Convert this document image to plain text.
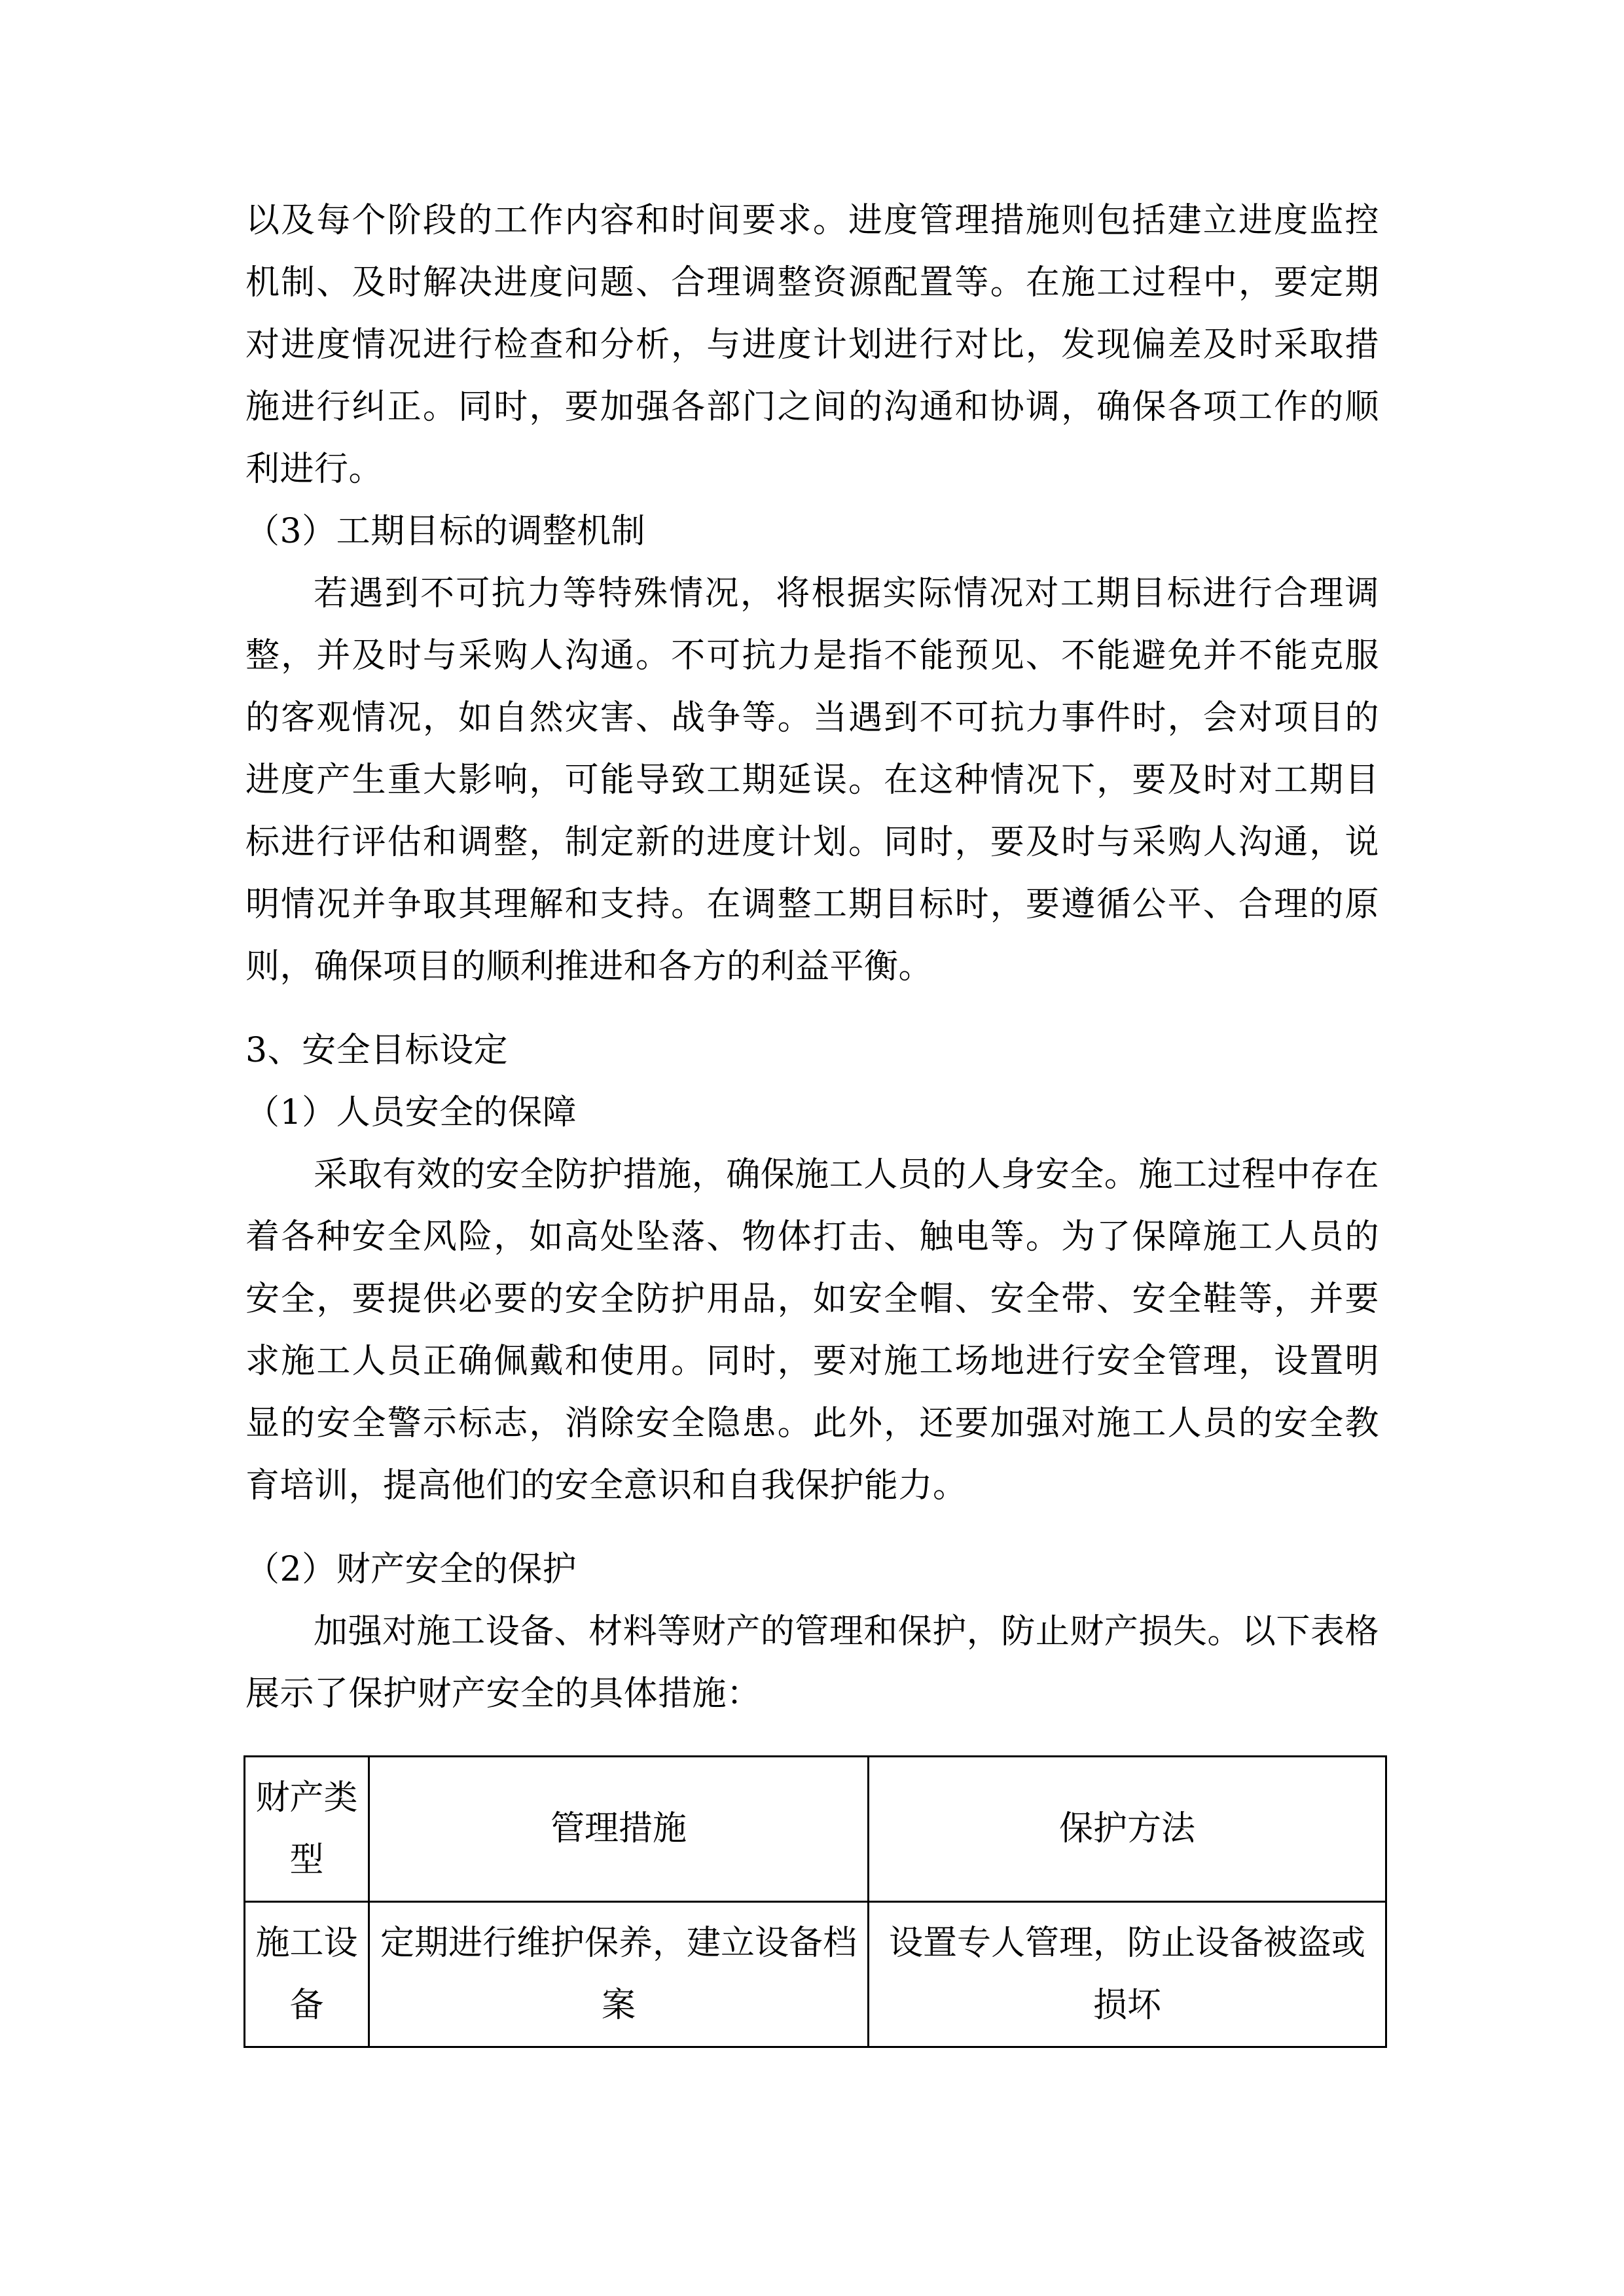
以及每个阶段的工作内容和时间要求。进度管理措施则包括建立进度监控机制、及时解决进度问题、合理调整资源配置等。在施工过程中，要定期对进度情况进行检查和分析，与进度计划进行对比，发现偏差及时采取措施进行纠正。同时，要加强各部门之间的沟通和协调，确保各项工作的顺利进行。

（3）工期目标的调整机制

若遇到不可抗力等特殊情况，将根据实际情况对工期目标进行合理调整，并及时与采购人沟通。不可抗力是指不能预见、不能避免并不能克服的客观情况，如自然灾害、战争等。当遇到不可抗力事件时，会对项目的进度产生重大影响，可能导致工期延误。在这种情况下，要及时对工期目标进行评估和调整，制定新的进度计划。同时，要及时与采购人沟通，说明情况并争取其理解和支持。在调整工期目标时，要遵循公平、合理的原则，确保项目的顺利推进和各方的利益平衡。

3、安全目标设定

（1）人员安全的保障

采取有效的安全防护措施，确保施工人员的人身安全。施工过程中存在着各种安全风险，如高处坠落、物体打击、触电等。为了保障施工人员的安全，要提供必要的安全防护用品，如安全帽、安全带、安全鞋等，并要求施工人员正确佩戴和使用。同时，要对施工场地进行安全管理，设置明显的安全警示标志，消除安全隐患。此外，还要加强对施工人员的安全教育培训，提高他们的安全意识和自我保护能力。

（2）财产安全的保护

加强对施工设备、材料等财产的管理和保护，防止财产损失。以下表格展示了保护财产安全的具体措施：

财产类型	管理措施	保护方法

施工设备	定期进行维护保养，建立设备档案	设置专人管理，防止设备被盗或损坏
